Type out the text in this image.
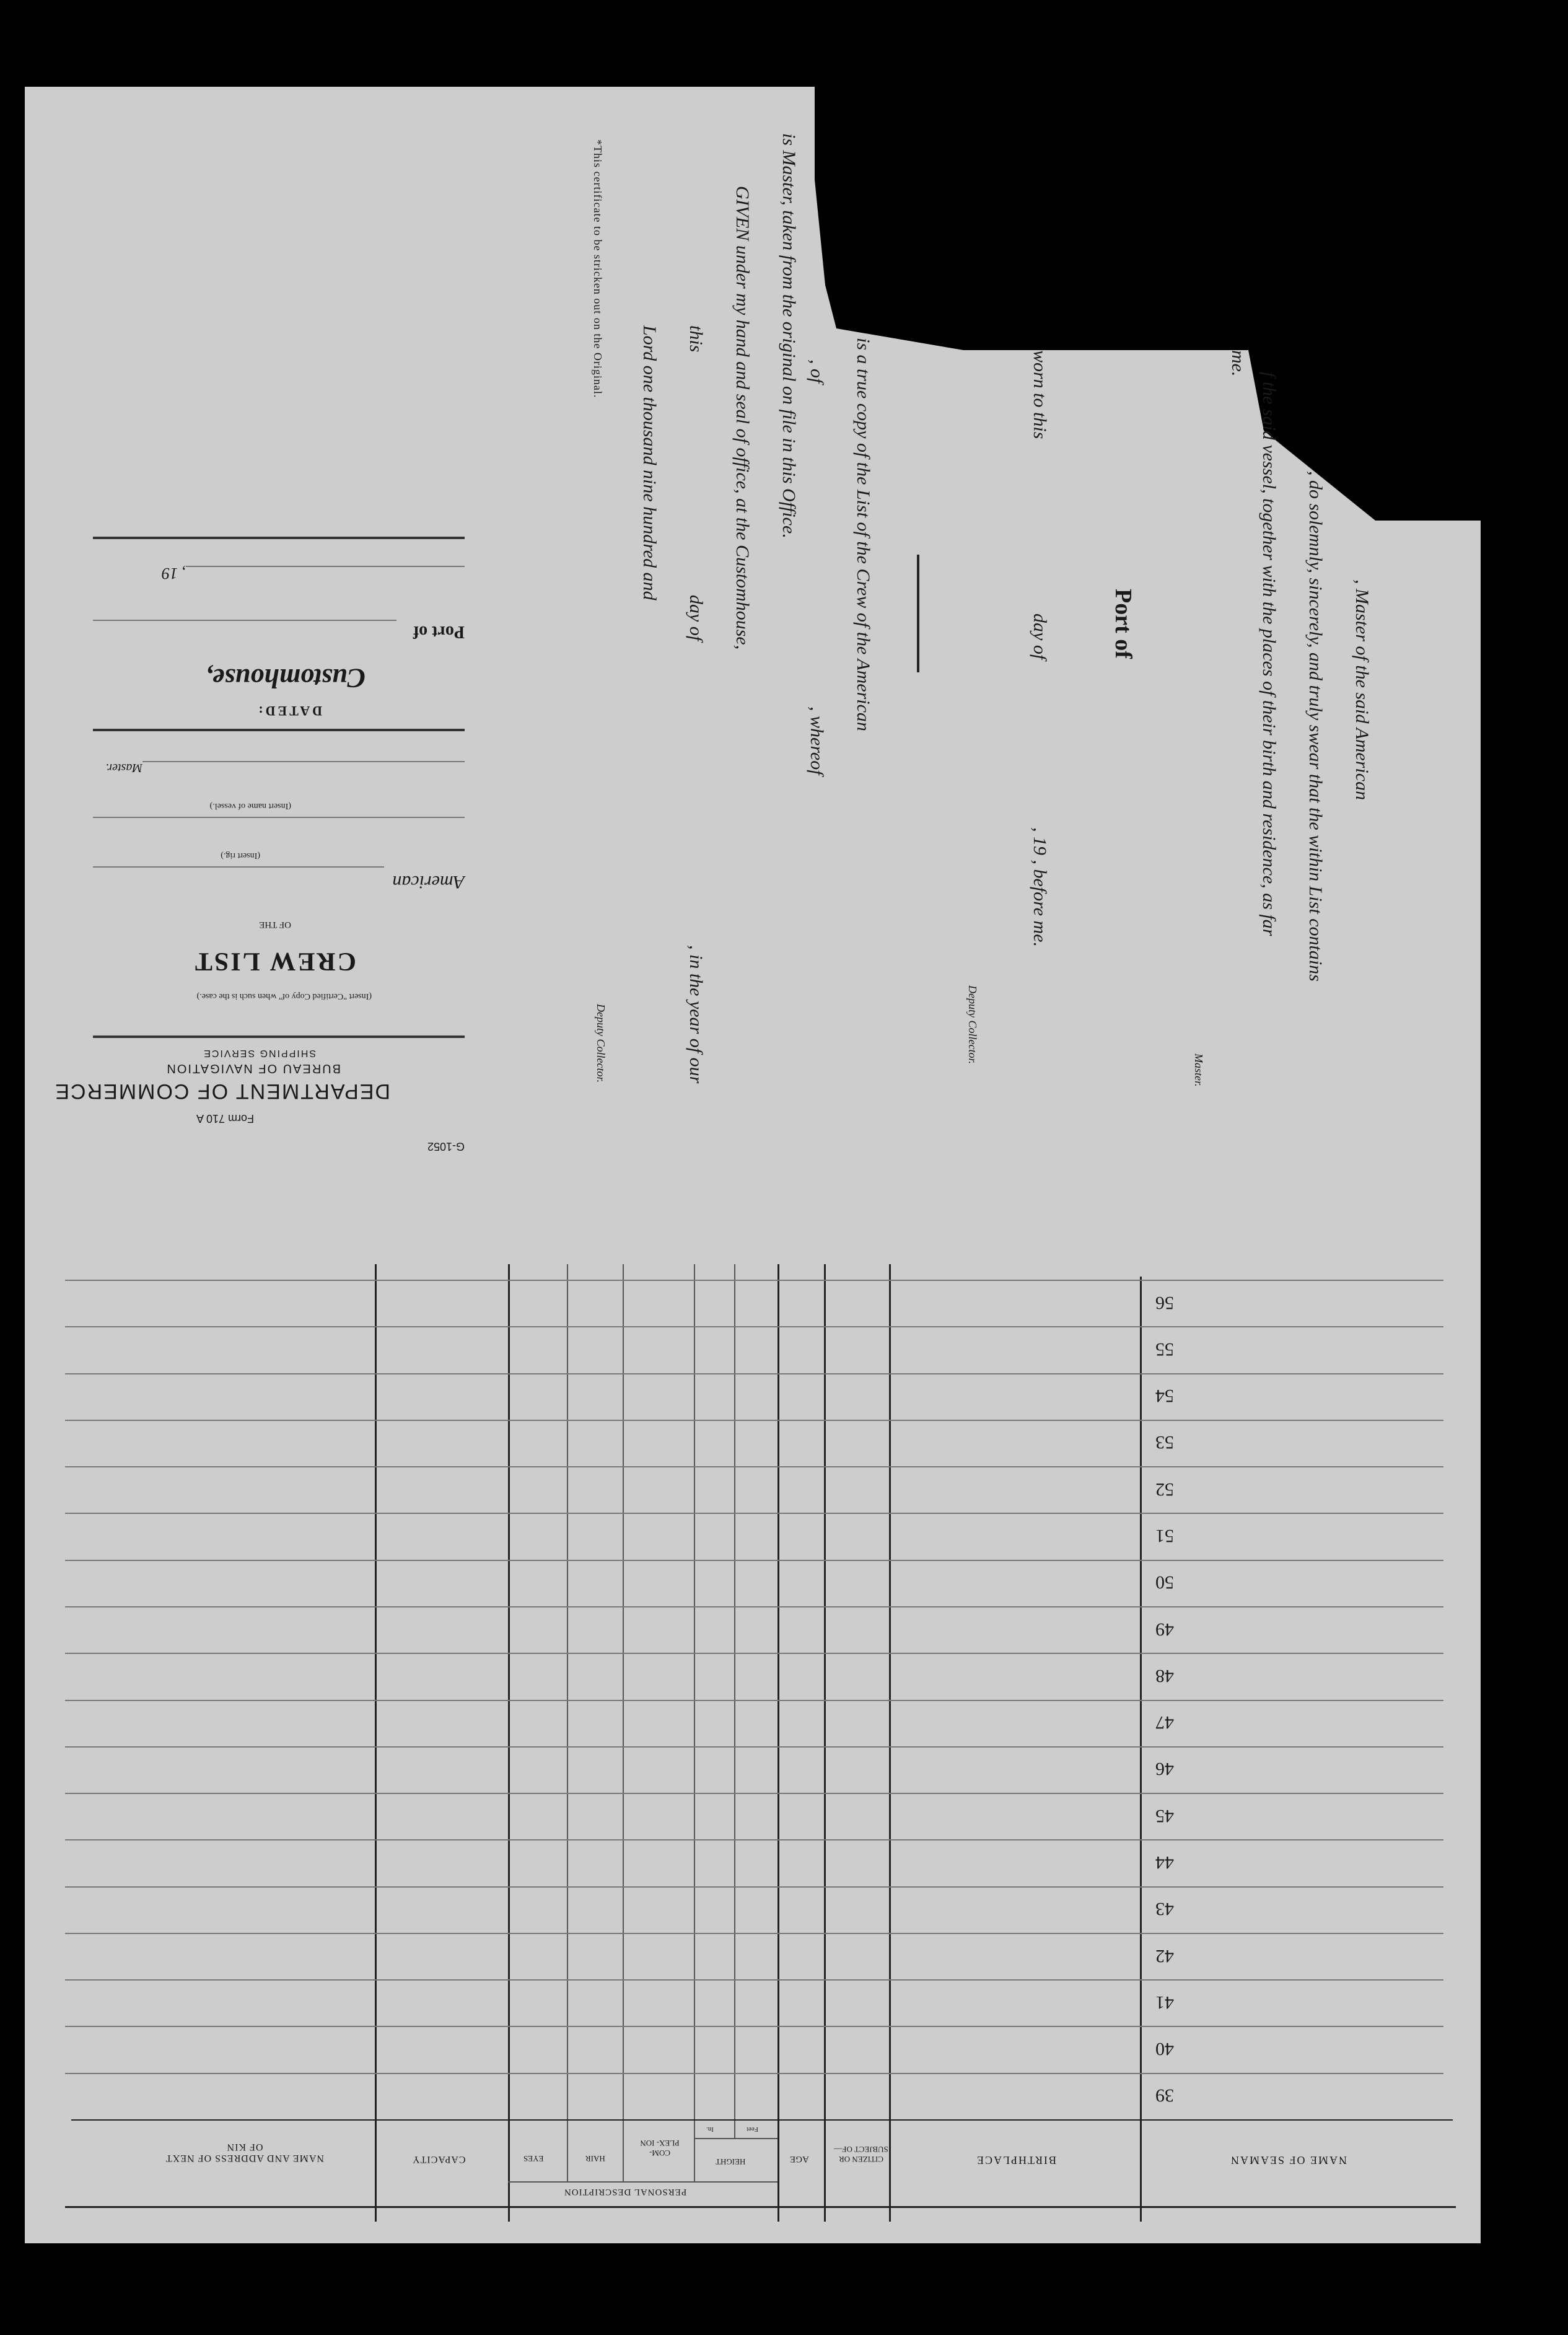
G-1052
Form 710 A
DEPARTMENT OF COMMERCE
BUREAU OF NAVIGATION
SHIPPING SERVICE
(Insert "Certified Copy of" when such is the case.)
CREW LIST
OF THE
American
(Insert rig.)
(Insert name of vessel.)
Master.
DATED:
Customhouse,
Port of
, 19
*This certificate to be stricken out on the Original.	is Master, taken from the original on file in this Office.
GIVEN under my hand and seal of office, at the Customhouse,
this
day of
, in the year of our
Lord one thousand nine hundred and
Deputy Collector.
is a true copy of the List of the Crew of the American
, of
, whereof
Port of
worn to this
day of
, 19 , before me.
Deputy Collector.
Master.
, Master of the said American
, do solemnly, sincerely, and truly swear that the within List contains
f the said vessel, together with the places of their birth and residence, as far
me.
NAME OF SEAMAN
BIRTHPLACE
CITIZEN OR SUBJECT OF—
AGE
PERSONAL DESCRIPTION
HEIGHT
Feet
In.
COM- PLEX- ION
HAIR
EYES
CAPACITY
NAME AND ADDRESS OF NEXT OF KIN
39
40
41
42
43
44
45
46
47
48
49
50
51
52
53
54
55
56
